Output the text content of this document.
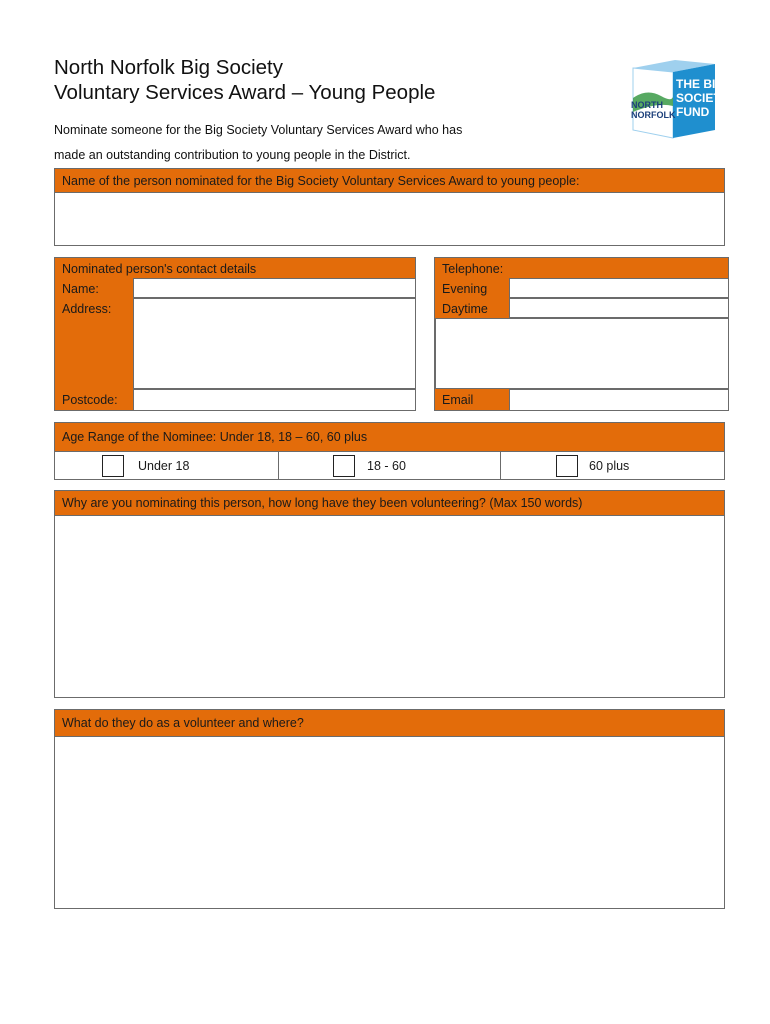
North Norfolk Big Society
Voluntary Services Award – Young People
Nominate someone for the Big Society Voluntary Services Award who has
made an outstanding contribution to young people in the District.
THE BIG
SOCIETY
FUND
NORTH
NORFOLK
Name of the person nominated for the Big Society Voluntary Services Award to young people:
Nominated person's contact details
Name:
Address:
Postcode:
Telephone:
Evening
Daytime
Email
Age Range of the Nominee: Under 18, 18 – 60, 60 plus
Under 18	18 - 60	60 plus
Why are you nominating this person, how long have they been volunteering? (Max 150 words)
What do they do as a volunteer and where?
